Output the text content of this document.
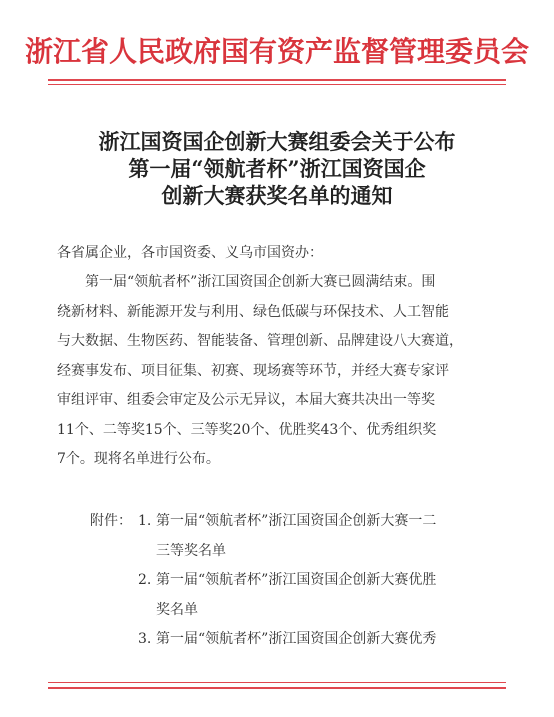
浙江省人民政府国有资产监督管理委员会
浙江国资国企创新大赛组委会关于公布
第一届“领航者杯”浙江国资国企
创新大赛获奖名单的通知
各省属企业，各市国资委、义乌市国资办：
　　第一届“领航者杯”浙江国资国企创新大赛已圆满结束。围
绕新材料、新能源开发与利用、绿色低碳与环保技术、人工智能
与大数据、生物医药、智能装备、管理创新、品牌建设八大赛道，
经赛事发布、项目征集、初赛、现场赛等环节，并经大赛专家评
审组评审、组委会审定及公示无异议，本届大赛共决出一等奖
11个、二等奖15个、三等奖20个、优胜奖43个、优秀组织奖
7个。现将名单进行公布。
附件： 1. 第一届“领航者杯”浙江国资国企创新大赛一二
三等奖名单
2. 第一届“领航者杯”浙江国资国企创新大赛优胜
奖名单
3. 第一届“领航者杯”浙江国资国企创新大赛优秀
